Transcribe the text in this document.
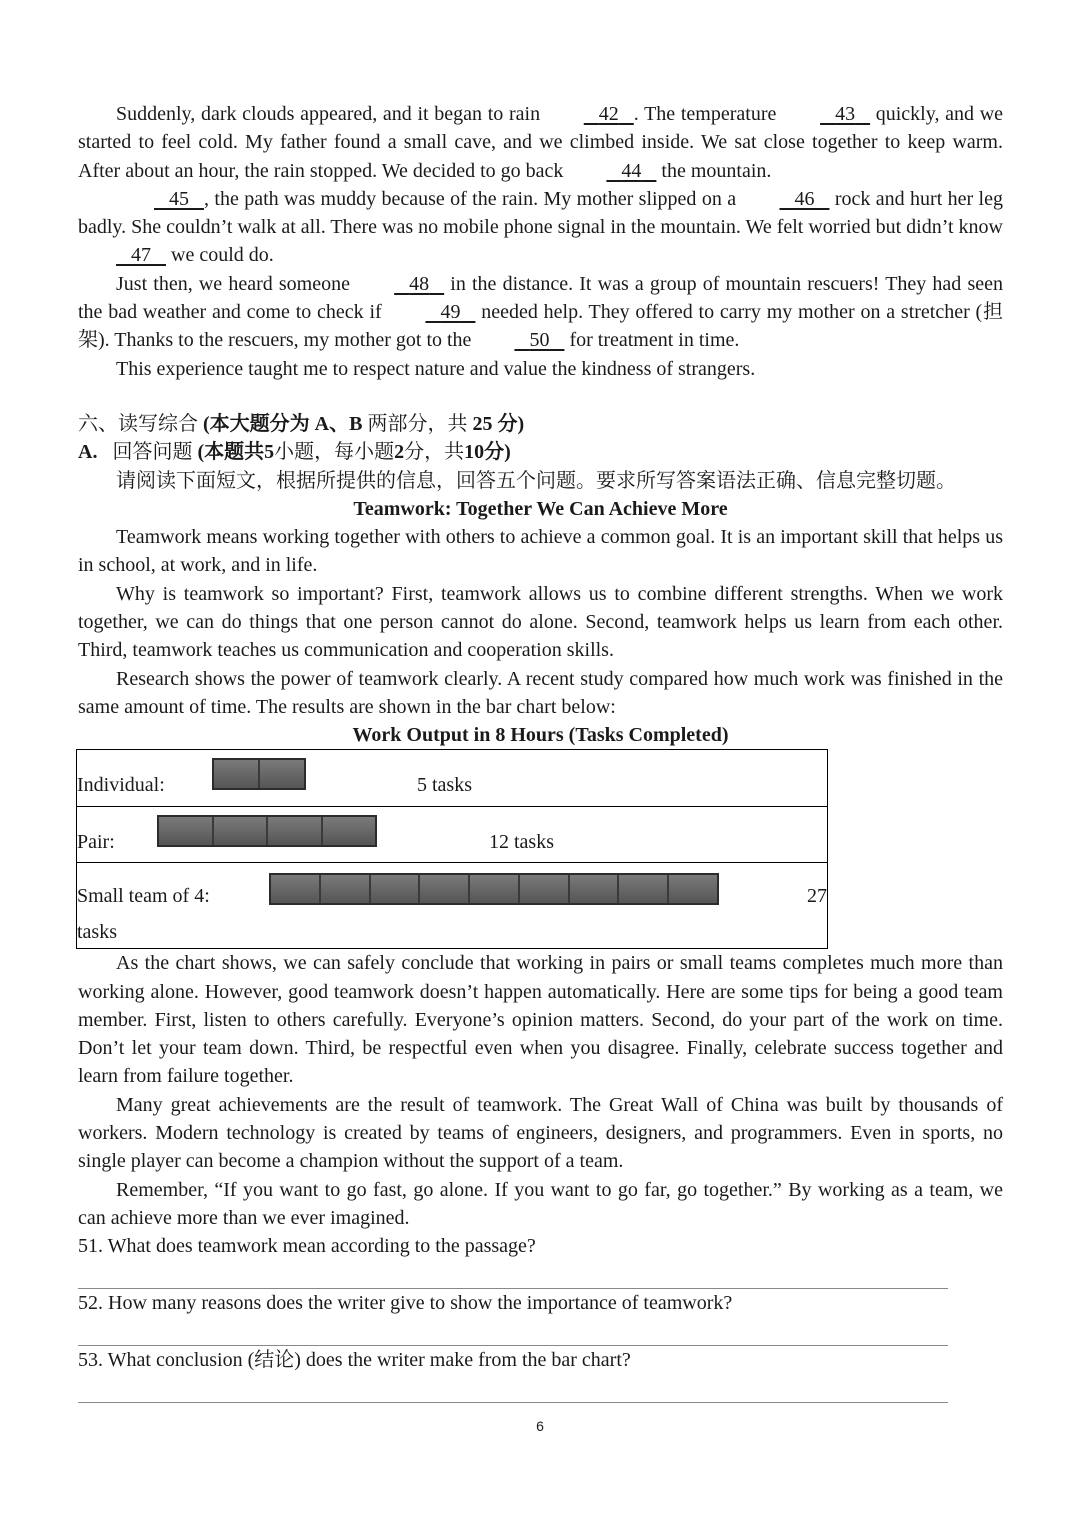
Suddenly, dark clouds appeared, and it began to rain	42 . The temperature	43    quickly, and we started to feel cold. My father found a small cave, and we climbed inside. We sat close together to keep warm. After about an hour, the rain stopped. We decided to go back	44    the mountain.

45 , the path was muddy because of the rain. My mother slipped on a	46    rock and hurt her leg badly. She couldn’t walk at all. There was no mobile phone signal in the mountain. We felt worried but didn’t know    47    we could do.

Just then, we heard someone	48    in the distance. It was a group of mountain rescuers! They had seen the bad weather and come to check if	49    needed help. They offered to carry my mother on a stretcher (担架). Thanks to the rescuers, my mother got to the	50    for treatment in time.

This experience taught me to respect nature and value the kindness of strangers.

六、读写综合 (本大题分为 A、B 两部分，共 25 分)
A. 回答问题 (本题共5小题，每小题2分，共10分)

请阅读下面短文，根据所提供的信息，回答五个问题。要求所写答案语法正确、信息完整切题。

Teamwork: Together We Can Achieve More

Teamwork means working together with others to achieve a common goal. It is an important skill that helps us in school, at work, and in life.

Why is teamwork so important? First, teamwork allows us to combine different strengths. When we work together, we can do things that one person cannot do alone. Second, teamwork helps us learn from each other. Third, teamwork teaches us communication and cooperation skills.

Research shows the power of teamwork clearly. A recent study compared how much work was finished in the same amount of time. The results are shown in the bar chart below:

Work Output in 8 Hours (Tasks Completed)
Individual:	5 tasks

Pair:	12 tasks

Small team of 4:	27
tasks

As the chart shows, we can safely conclude that working in pairs or small teams completes much more than working alone. However, good teamwork doesn’t happen automatically. Here are some tips for being a good team member. First, listen to others carefully. Everyone’s opinion matters. Second, do your part of the work on time. Don’t let your team down. Third, be respectful even when you disagree. Finally, celebrate success together and learn from failure together.

Many great achievements are the result of teamwork. The Great Wall of China was built by thousands of workers. Modern technology is created by teams of engineers, designers, and programmers. Even in sports, no single player can become a champion without the support of a team.

Remember, “If you want to go fast, go alone. If you want to go far, go together.” By working as a team, we can achieve more than we ever imagined.

51. What does teamwork mean according to the passage?
52. How many reasons does the writer give to show the importance of teamwork?
53. What conclusion (结论) does the writer make from the bar chart?
6
